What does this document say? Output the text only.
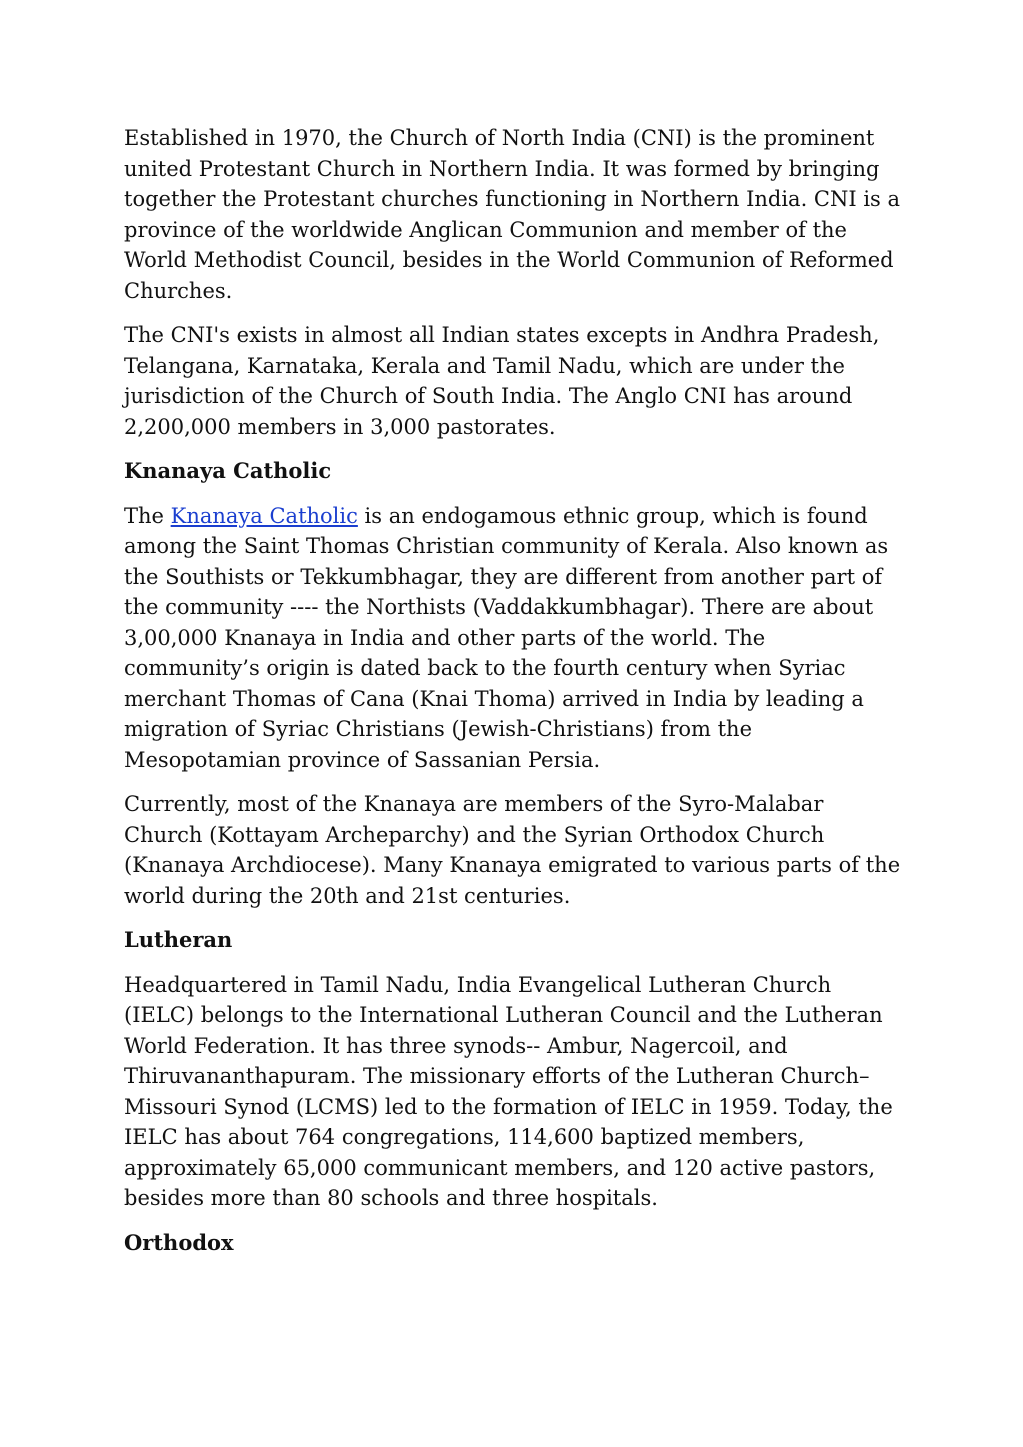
Established in 1970, the Church of North India (CNI) is the prominent united Protestant Church in Northern India. It was formed by bringing together the Protestant churches functioning in Northern India. CNI is a province of the worldwide Anglican Communion and member of the World Methodist Council, besides in the World Communion of Reformed Churches.

The CNI's exists in almost all Indian states excepts in Andhra Pradesh, Telangana, Karnataka, Kerala and Tamil Nadu, which are under the jurisdiction of the Church of South India. The Anglo CNI has around 2,200,000 members in 3,000 pastorates.

Knanaya Catholic

The Knanaya Catholic is an endogamous ethnic group, which is found among the Saint Thomas Christian community of Kerala. Also known as the Southists or Tekkumbhagar, they are different from another part of the community ---- the Northists (Vaddakkumbhagar). There are about 3,00,000 Knanaya in India and other parts of the world. The community’s origin is dated back to the fourth century when Syriac merchant Thomas of Cana (Knai Thoma) arrived in India by leading a migration of Syriac Christians (Jewish-Christians) from the Mesopotamian province of Sassanian Persia.

Currently, most of the Knanaya are members of the Syro-Malabar Church (Kottayam Archeparchy) and the Syrian Orthodox Church (Knanaya Archdiocese). Many Knanaya emigrated to various parts of the world during the 20th and 21st centuries.

Lutheran

Headquartered in Tamil Nadu, India Evangelical Lutheran Church (IELC) belongs to the International Lutheran Council and the Lutheran World Federation. It has three synods-- Ambur, Nagercoil, and Thiruvananthapuram. The missionary efforts of the Lutheran Church–Missouri Synod (LCMS) led to the formation of IELC in 1959. Today, the IELC has about 764 congregations, 114,600 baptized members, approximately 65,000 communicant members, and 120 active pastors, besides more than 80 schools and three hospitals.

Orthodox
